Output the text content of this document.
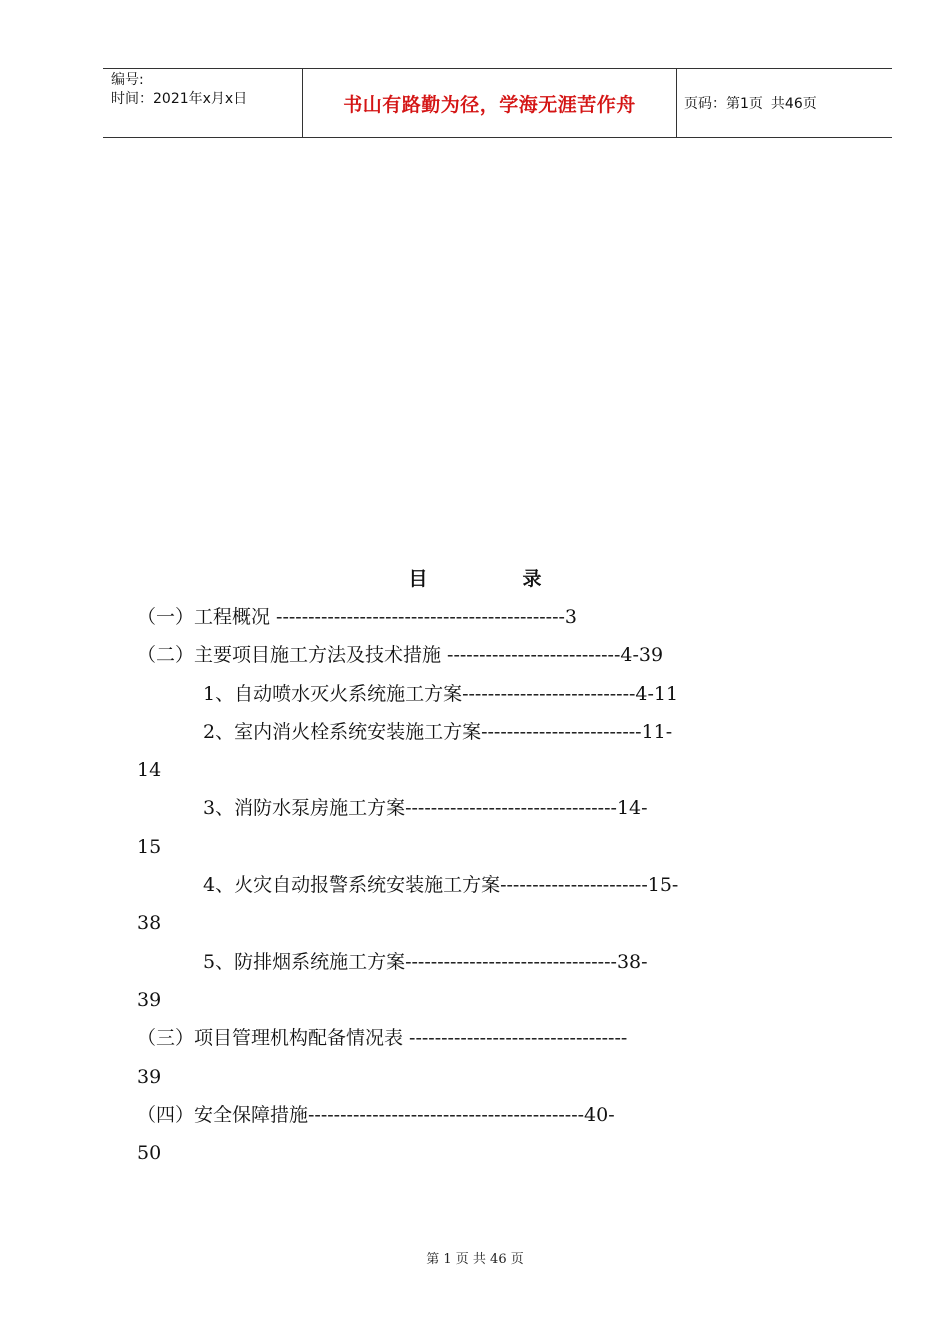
编号:
时间：2021年x月x日	书山有路勤为径，学海无涯苦作舟	页码：第1页 共46页
目	录
（一）工程概况 ---------------------------------------------3
（二）主要项目施工方法及技术措施 ---------------------------4-39
1、自动喷水灭火系统施工方案---------------------------4-11
2、室内消火栓系统安装施工方案-------------------------11-
14
3、消防水泵房施工方案---------------------------------14-
15
4、火灾自动报警系统安装施工方案-----------------------15-
38
5、防排烟系统施工方案---------------------------------38-
39
（三）项目管理机构配备情况表 ----------------------------------
39
（四）安全保障措施-------------------------------------------40-
50
第 1 页 共 46 页
